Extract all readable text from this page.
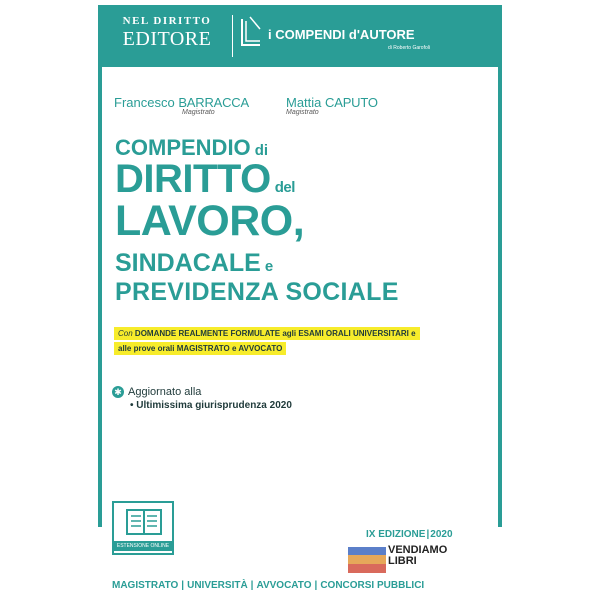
NEL DIRITTO
EDITORE	i COMPENDI d'AUTORE
di Roberto Garofoli
Francesco BARRACCA
Magistrato
Mattia CAPUTO
Magistrato
COMPENDIO di
DIRITTO del
LAVORO,
SINDACALE e
PREVIDENZA SOCIALE
Con DOMANDE REALMENTE FORMULATE agli ESAMI ORALI UNIVERSITARI e
alle prove orali MAGISTRATO e AVVOCATO
✱ Aggiornato alla
• Ultimissima giurisprudenza 2020
ESTENSIONE ONLINE
IX EDIZIONE|2020
VENDIAMO
LIBRI
MAGISTRATO | UNIVERSITÀ | AVVOCATO | CONCORSI PUBBLICI
